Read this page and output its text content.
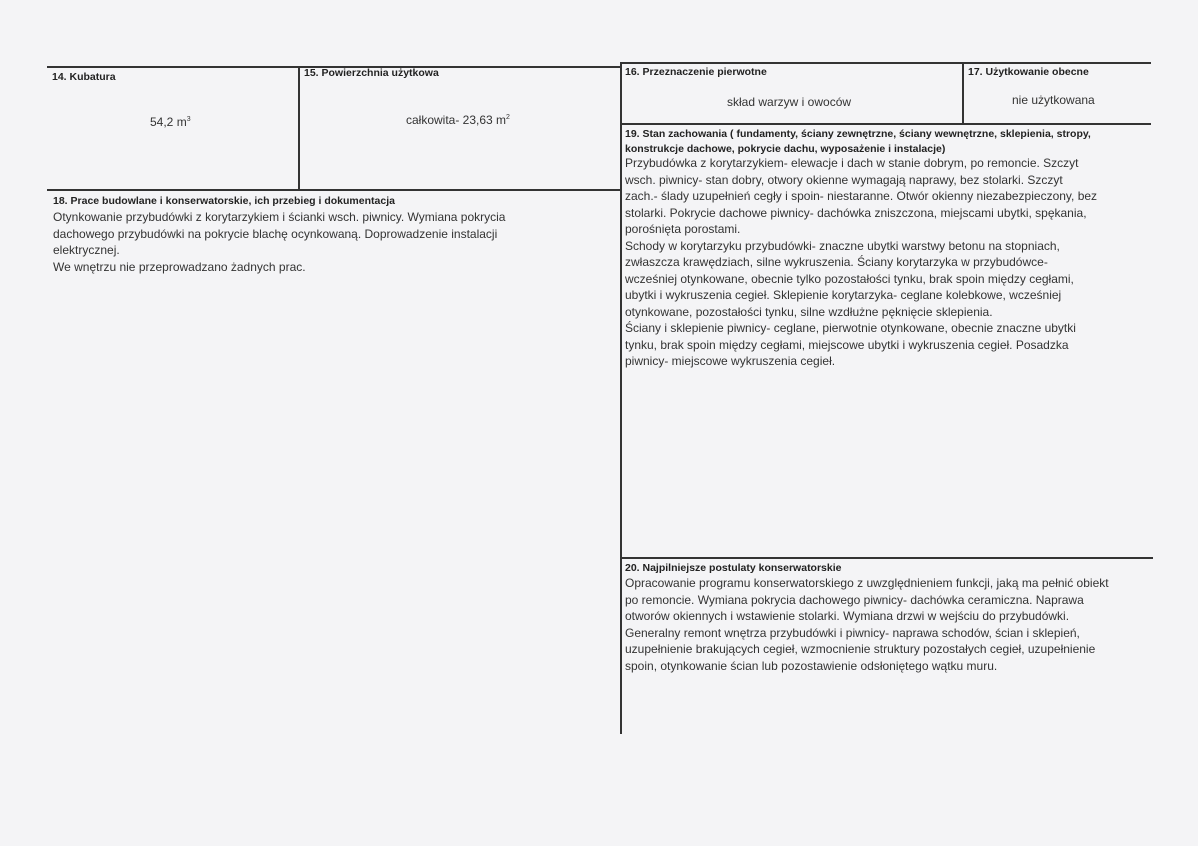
14. Kubatura
54,2 $m^3$
15. Powierzchnia użytkowa
całkowita- 23,63 $m^2$
16. Przeznaczenie pierwotne
skład warzyw i owoców
17. Użytkowanie obecne
nie użytkowana
18. Prace budowlane i konserwatorskie, ich przebieg i dokumentacja
Otynkowanie przybudówki z korytarzykiem i ścianki wsch. piwnicy. Wymiana pokrycia
dachowego przybudówki na pokrycie blachę ocynkowaną. Doprowadzenie instalacji
elektrycznej.
We wnętrzu nie przeprowadzano żadnych prac.
19. Stan zachowania ( fundamenty, ściany zewnętrzne, ściany wewnętrzne, sklepienia, stropy,
konstrukcje dachowe, pokrycie dachu, wyposażenie i instalacje)
Przybudówka z korytarzykiem- elewacje i dach w stanie dobrym, po remoncie. Szczyt
wsch. piwnicy- stan dobry, otwory okienne wymagają naprawy, bez stolarki. Szczyt
zach.- ślady uzupełnień cegły i spoin- niestaranne. Otwór okienny niezabezpieczony, bez
stolarki. Pokrycie dachowe piwnicy- dachówka zniszczona, miejscami ubytki, spękania,
porośnięta porostami.
Schody w korytarzyku przybudówki- znaczne ubytki warstwy betonu na stopniach,
zwłaszcza krawędziach, silne wykruszenia. Ściany korytarzyka w przybudówce-
wcześniej otynkowane, obecnie tylko pozostałości tynku, brak spoin między cegłami,
ubytki i wykruszenia cegieł. Sklepienie korytarzyka- ceglane kolebkowe, wcześniej
otynkowane, pozostałości tynku, silne wzdłużne pęknięcie sklepienia.
Ściany i sklepienie piwnicy- ceglane, pierwotnie otynkowane, obecnie znaczne ubytki
tynku, brak spoin między cegłami, miejscowe ubytki i wykruszenia cegieł. Posadzka
piwnicy- miejscowe wykruszenia cegieł.
20. Najpilniejsze postulaty konserwatorskie
Opracowanie programu konserwatorskiego z uwzględnieniem funkcji, jaką ma pełnić obiekt
po remoncie. Wymiana pokrycia dachowego piwnicy- dachówka ceramiczna. Naprawa
otworów okiennych i wstawienie stolarki. Wymiana drzwi w wejściu do przybudówki.
Generalny remont wnętrza przybudówki i piwnicy- naprawa schodów, ścian i sklepień,
uzupełnienie brakujących cegieł, wzmocnienie struktury pozostałych cegieł, uzupełnienie
spoin, otynkowanie ścian lub pozostawienie odsłoniętego wątku muru.
